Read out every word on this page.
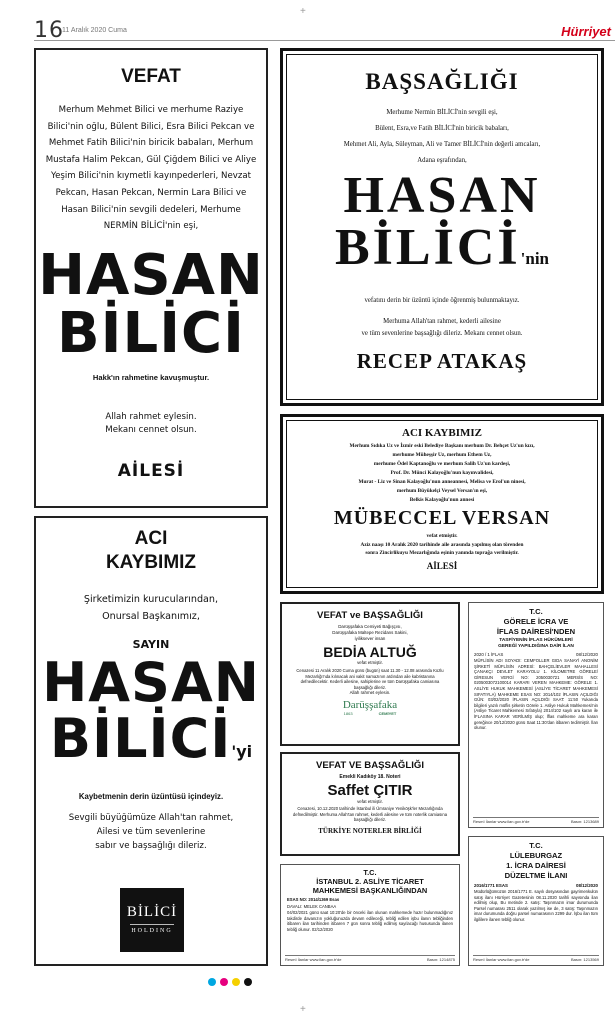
16
11 Aralık 2020 Cuma	Hürriyet
+
VEFAT

Merhum Mehmet Bilici ve merhume Raziye Bilici'nin oğlu, Bülent Bilici, Esra Bilici Pekcan ve Mehmet Fatih Bilici'nin biricik babaları, Merhum Mustafa Halim Pekcan, Gül Çiğdem Bilici ve Aliye Yeşim Bilici'nin kıymetli kayınpederleri, Nevzat Pekcan, Hasan Pekcan, Nermin Lara Bilici ve Hasan Bilici'nin sevgili dedeleri, Merhume NERMİN BİLİCİ'nin eşi,

HASAN
BİLİCİ
Hakk'ın rahmetine kavuşmuştur.
Allah rahmet eylesin.
Mekanı cennet olsun.
AİLESİ
BAŞSAĞLIĞI

Merhume Nermin BİLİCİ'nin sevgili eşi,

Bülent, Esra,ve Fatih BİLİCİ'nin biricik babaları,

Mehmet Ali, Ayla, Süleyman, Ali ve Tamer BİLİCİ'nin değerli amcaları,

Adana eşrafından,

HASAN
BİLİCİ'nin

vefatını derin bir üzüntü içinde öğrenmiş bulunmaktayız.

Merhuma Allah'tan rahmet, kederli ailesine

ve tüm sevenlerine başsağlığı dileriz. Mekanı cennet olsun.

RECEP ATAKAŞ
ACI KAYBIMIZ

Merhum Sıdıka Uz ve İzmir eski Belediye Başkanı merhum Dr. Behçet Uz'un kızı,

merhume Müheşşir Uz, merhum Ethem Uz,

merhume Ödel Kaptanoğlu ve merhum Salih Uz'un kardeşi,

Prof. Dr. Münci Kalayoğlu'nun kayınvalidesi,

Murat - Liz ve Sinan Kalayoğlu'nun anneannesi, Melisa ve Erol'un ninesi,

merhum Büyükelçi Veysel Versan'ın eşi,

Belkis Kalayoğlu'nun annesi

MÜBECCEL VERSAN

vefat etmiştir.

Aziz naaşı 10 Aralık 2020 tarihinde aile arasında yapılmış olan törenden

sonra Zincirlikuyu Mezarlığında eşinin yanında toprağa verilmiştir.

AİLESİ
ACI
KAYBIMIZ

Şirketimizin kurucularından,

Onursal Başkanımız,

SAYIN

HASAN
BİLİCİ'yi

Kaybetmenin derin üzüntüsü içindeyiz.

Sevgili büyüğümüze Allah'tan rahmet,

Ailesi ve tüm sevenlerine

sabır ve başsağlığı dileriz.

BİLİCİ
HOLDING
VEFAT ve BAŞSAĞLIĞI

Darüşşafaka Cemiyeti Bağışçısı,

Darüşşafaka Maltepe Rezidans Sakini,

iyiliksever insan

BEDİA ALTUĞ

vefat etmiştir.

Cenazesi 11 Aralık 2020 Cuma günü (bugün) saat 11.30 - 12.08 arasında Kozlu Mezarlığı'nda kılınacak ani vakit namazının ardından aile kabristanına defnedilecektir. Kederli ailesine, sahiplerine ve tüm Darüşşafaka camiasına başsağlığı dileriz.

Allah rahmet eylesin.

Darüşşafaka
1863	CEMİYET
VEFAT VE BAŞSAĞLIĞI

Emekli Kadıköy 18. Noteri

Saffet ÇITIR

vefat etmiştir.

Cenazesi, 10.12.2020 tarihinde İstanbul ili Ümraniye Yeniköşk'ler Mezarlığında defnedilmiştir. Merhuma Allah'tan rahmet, kederli ailesine ve tüm noterlik camiasına başsağlığı dileriz.

TÜRKİYE NOTERLER BİRLİĞİ
T.C.
GÖRELE İCRA VE
İFLAS DAİRESİ'NDEN
TASFİYENİN İFLAS HÜKÜMLERİ
GEREĞİ YAPILDIĞINA DAİR İLAN
2020 / 1 İFLAS	08/12/2020

MÜFLİSİN ADI SOYADI: CEMFOLLER GIDA SANAYİ ANONİM ŞİRKETİ MÜFLİSİN ADRESİ: BAHÇELİEVLER MAHALLESİ ÇANAKÇI DEVLET KARAYOLU 1. KİLOMETRE GÖRELE/ GİRESUN VERGİ NO: 2050030721 MERSİS NO: 0205003072100014 KARARI VEREN MAHKEME: GÖRELE 1. ASLİYE HUKUK MAHKEMESİ (ASLİYE TİCARET MAHKEMESİ SIFATIYLA) MAHKEME ESAS NO: 2014/102 İFLASIN AÇILDIĞI GÜN: 03/02/2020 İFLASIN AÇILDIĞI SAAT: 11:50 Yukarıda bilgileri yazılı müflis şirketin Görele 1. Asliye Hukuk Mahkemesi'nin (Asliye Ticaret Mahkemesi Sıfatıyla) 2014/102 sayılı ara karan ile İFLASINA KARAR VERİLMİŞ olup; İflas mahkeme ara kararı gereğince 20/12/2020 günü Saat 11:30'dan itibaren tedirmiştir. İlan olunur.

Resmî İlanlar www.ilan.gov.tr'de	Basın: 1213689
T.C.
İSTANBUL 2. ASLİYE TİCARET
MAHKEMESİ BAŞKANLIĞINDAN

ESAS NO: 2014/1369 Esas

DAVALI: MELEK CANBAA

04/02/2021 günü saat 10:20'de bir önceki ilan olunan mahkemede hazır bulunmadığınız takdirde davanızın yokluğunuzda devam edileceği, tebliğ edilen işbu ilanın tebliğinden itibaren ilan tarihinden itibaren 7 gün sonra tebliğ edilmiş sayılacağı hususunda ilanen tebliğ olunur. 02/12/2020

Resmî İlanlar www.ilan.gov.tr'de	Basın: 1214875
T.C.
LÜLEBURGAZ
1. İCRA DAİRESİ
DÜZELTME İLANI
2016/1771 ESAS	08/12/2020

Müdürlüğümüzün 2016/1771 E. sayılı dosyasından gayrimenkulün satış ilanı Hürriyet Gazetesinin 08.11.2020 tarihli sayısında ilan edilmiş olup, Bu metinde 2. satış: Taşınmazın imar durumunda Parsel numarası 2511 olarak yazılmış ise de, 3 satış: Taşınmazın imar durumunda doğru parsel numarasının 2299 dur. İşbu ilan tüm ilgililere ilanen tebliğ olunur.

Resmî İlanlar www.ilan.gov.tr'de	Basın: 1213569
+
